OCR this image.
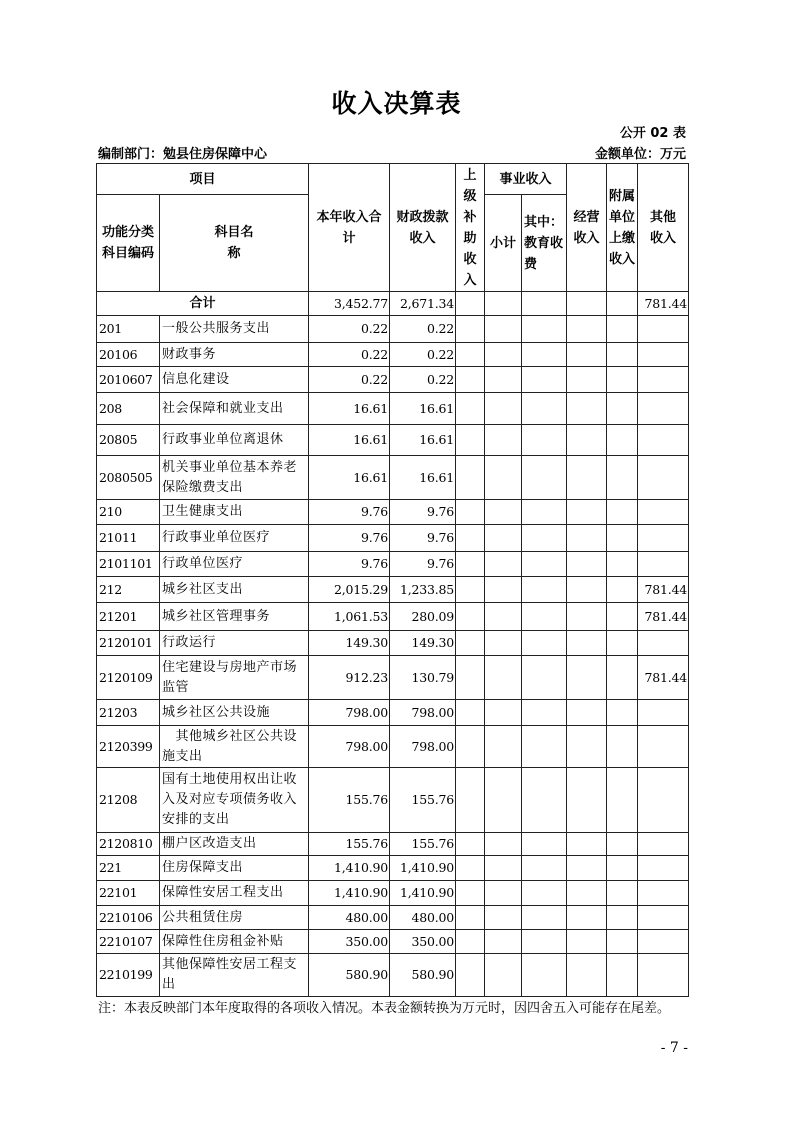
收入决算表
公开 02 表
编制部门：勉县住房保障中心	金额单位：万元
项目		本年收入合计	财政拨款收入	上级补助收入	事业收入		经营收入	附属单位上缴收入	其他收入
功能分类科目编码	科目名称				小计	其中：教育收费			
合计		3,452.77	2,671.34						781.44
201	一般公共服务支出	0.22	0.22						
20106	财政事务	0.22	0.22						
2010607	信息化建设	0.22	0.22						
208	社会保障和就业支出	16.61	16.61						
20805	行政事业单位离退休	16.61	16.61						
2080505	机关事业单位基本养老保险缴费支出	16.61	16.61						
210	卫生健康支出	9.76	9.76						
21011	行政事业单位医疗	9.76	9.76						
2101101	行政单位医疗	9.76	9.76						
212	城乡社区支出	2,015.29	1,233.85						781.44
21201	城乡社区管理事务	1,061.53	280.09						781.44
2120101	行政运行	149.30	149.30						
2120109	住宅建设与房地产市场监管	912.23	130.79						781.44
21203	城乡社区公共设施	798.00	798.00						
2120399	　其他城乡社区公共设施支出	798.00	798.00						
21208	国有土地使用权出让收入及对应专项债务收入安排的支出	155.76	155.76						
2120810	棚户区改造支出	155.76	155.76						
221	住房保障支出	1,410.90	1,410.90						
22101	保障性安居工程支出	1,410.90	1,410.90						
2210106	公共租赁住房	480.00	480.00						
2210107	保障性住房租金补贴	350.00	350.00						
2210199	其他保障性安居工程支出	580.90	580.90						
注：本表反映部门本年度取得的各项收入情况。本表金额转换为万元时，因四舍五入可能存在尾差。
- 7 -
